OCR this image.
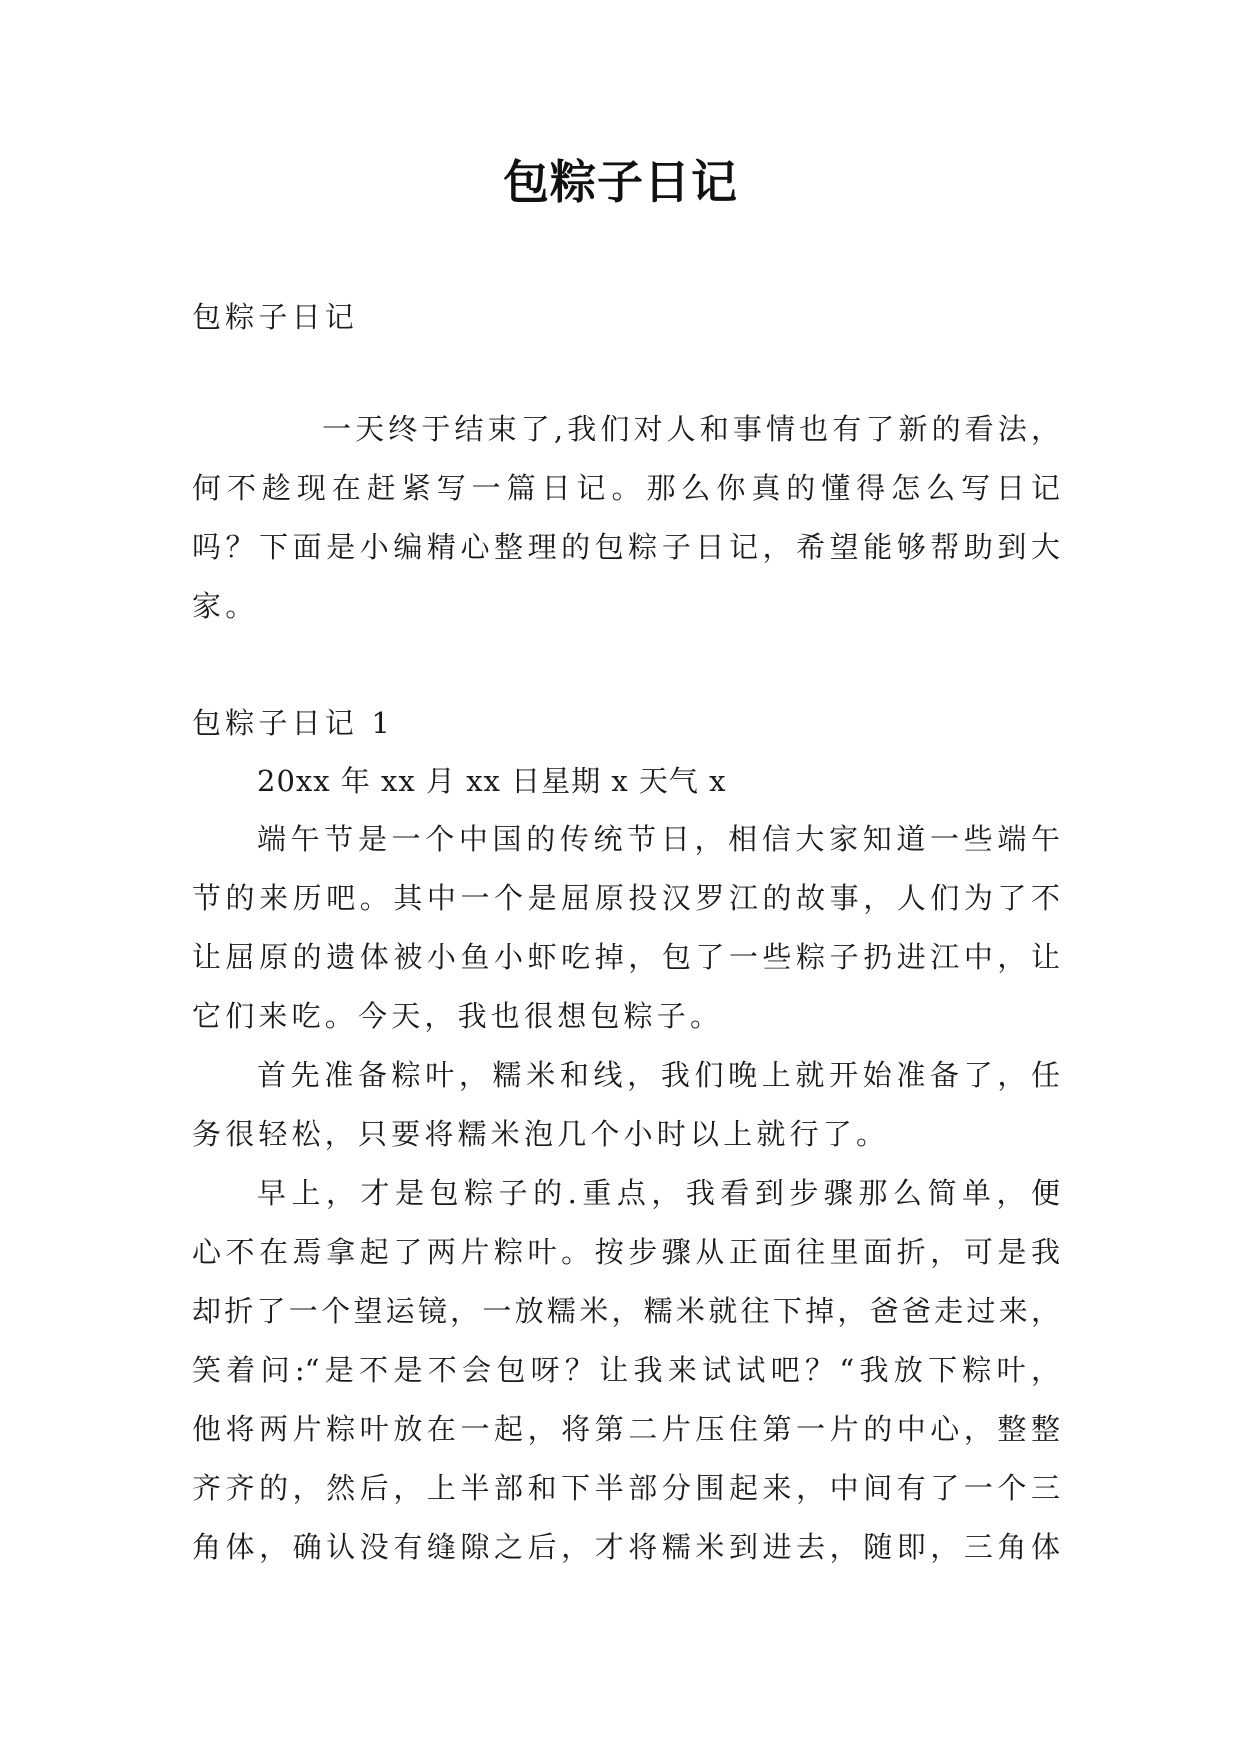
包粽子日记
包粽子日记
一天终于结束了,我们对人和事情也有了新的看法，
何不趁现在赶紧写一篇日记。那么你真的懂得怎么写日记
吗？下面是小编精心整理的包粽子日记，希望能够帮助到大
家。
包粽子日记 1
20xx 年 xx 月 xx 日星期 x 天气 x
端午节是一个中国的传统节日，相信大家知道一些端午
节的来历吧。其中一个是屈原投汉罗江的故事，人们为了不
让屈原的遗体被小鱼小虾吃掉，包了一些粽子扔进江中，让
它们来吃。今天，我也很想包粽子。
首先准备粽叶，糯米和线，我们晚上就开始准备了，任
务很轻松，只要将糯米泡几个小时以上就行了。
早上，才是包粽子的.重点，我看到步骤那么简单，便
心不在焉拿起了两片粽叶。按步骤从正面往里面折，可是我
却折了一个望运镜，一放糯米，糯米就往下掉，爸爸走过来，
笑着问:“是不是不会包呀？让我来试试吧？“我放下粽叶，
他将两片粽叶放在一起，将第二片压住第一片的中心，整整
齐齐的，然后，上半部和下半部分围起来，中间有了一个三
角体，确认没有缝隙之后，才将糯米到进去，随即，三角体
